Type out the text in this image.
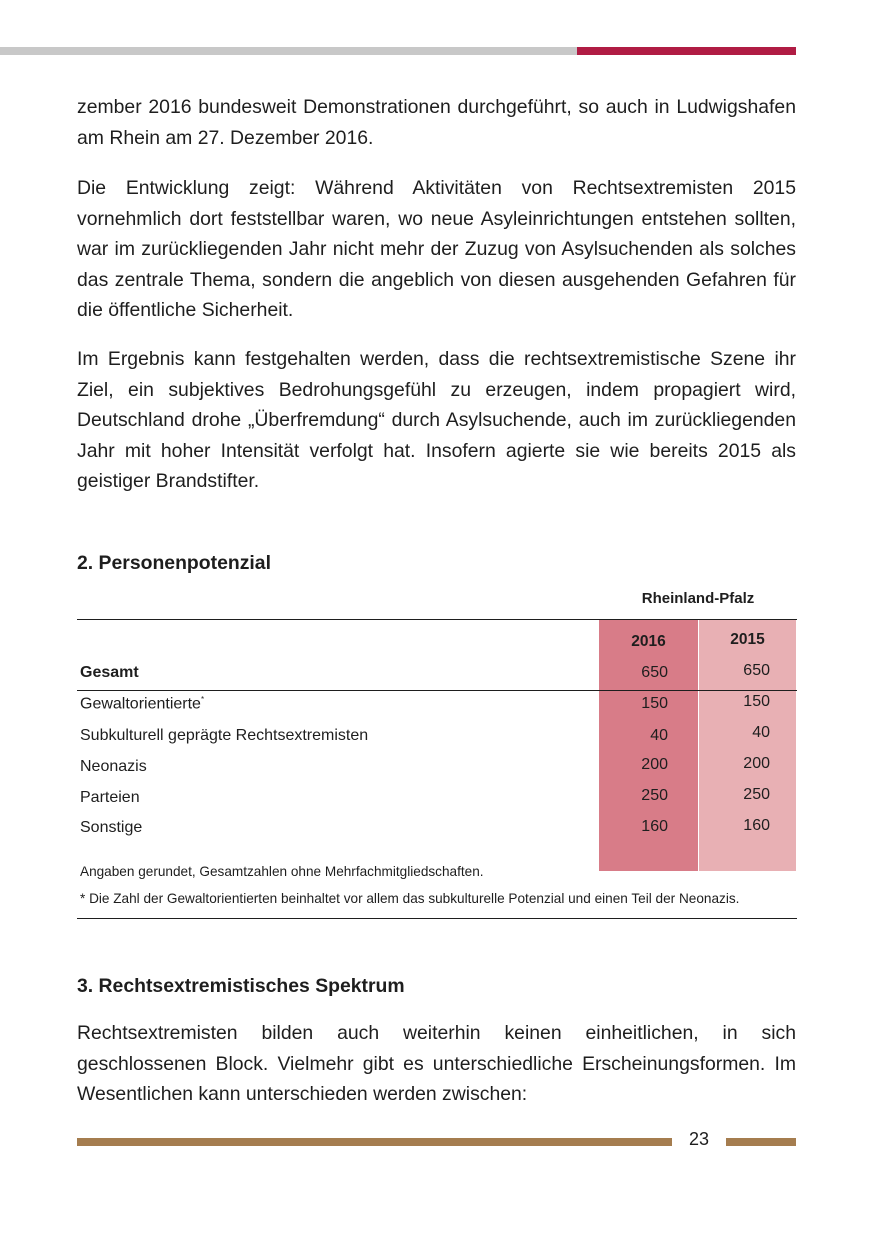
zember 2016 bundesweit Demonstrationen durchgeführt, so auch in Ludwigshafen am Rhein am 27. Dezember 2016.

Die Entwicklung zeigt: Während Aktivitäten von Rechtsextremisten 2015 vornehmlich dort feststellbar waren, wo neue Asyleinrichtungen entstehen sollten, war im zurückliegenden Jahr nicht mehr der Zuzug von Asylsuchenden als solches das zentrale Thema, sondern die angeblich von diesen ausgehenden Gefahren für die öffentliche Sicherheit.

Im Ergebnis kann festgehalten werden, dass die rechtsextremistische Szene ihr Ziel, ein subjektives Bedrohungsgefühl zu erzeugen, indem propagiert wird, Deutschland drohe „Überfremdung“ durch Asylsuchende, auch im zurückliegenden Jahr mit hoher Intensität verfolgt hat. Insofern agierte sie wie bereits 2015 als geistiger Brandstifter.

2. Personenpotenzial
Rheinland-Pfalz
2016	2015
Gesamt	650	650
Gewaltorientierte*	150	150
Subkulturell geprägte Rechtsextremisten	40	40
Neonazis	200	200
Parteien	250	250
Sonstige	160	160
Angaben gerundet, Gesamtzahlen ohne Mehrfachmitgliedschaften.
* Die Zahl der Gewaltorientierten beinhaltet vor allem das subkulturelle Potenzial und einen Teil der Neonazis.
3. Rechtsextremistisches Spektrum

Rechtsextremisten bilden auch weiterhin keinen einheitlichen, in sich geschlossenen Block. Vielmehr gibt es unterschiedliche Erscheinungsformen. Im Wesentlichen kann unterschieden werden zwischen:

23
